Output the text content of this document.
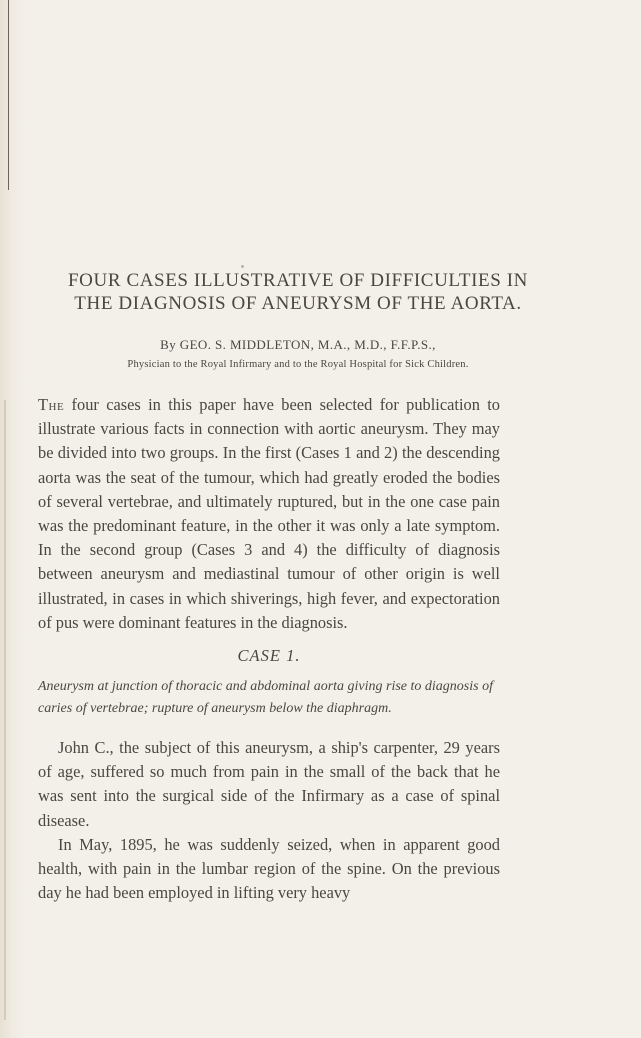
FOUR CASES ILLUSTRATIVE OF DIFFICULTIES IN
THE DIAGNOSIS OF ANEURYSM OF THE AORTA.
By GEO. S. MIDDLETON, M.A., M.D., F.F.P.S.,
Physician to the Royal Infirmary and to the Royal Hospital for Sick Children.

The four cases in this paper have been selected for publication to illustrate various facts in connection with aortic aneurysm. They may be divided into two groups. In the first (Cases 1 and 2) the descending aorta was the seat of the tumour, which had greatly eroded the bodies of several vertebrae, and ultimately ruptured, but in the one case pain was the predominant feature, in the other it was only a late symptom. In the second group (Cases 3 and 4) the difficulty of diagnosis between aneurysm and mediastinal tumour of other origin is well illustrated, in cases in which shiverings, high fever, and expectoration of pus were dominant features in the diagnosis.

CASE 1.

Aneurysm at junction of thoracic and abdominal aorta giving rise to diagnosis of caries of vertebrae; rupture of aneurysm below the diaphragm.

John C., the subject of this aneurysm, a ship's carpenter, 29 years of age, suffered so much from pain in the small of the back that he was sent into the surgical side of the Infirmary as a case of spinal disease.

In May, 1895, he was suddenly seized, when in apparent good health, with pain in the lumbar region of the spine. On the previous day he had been employed in lifting very heavy
